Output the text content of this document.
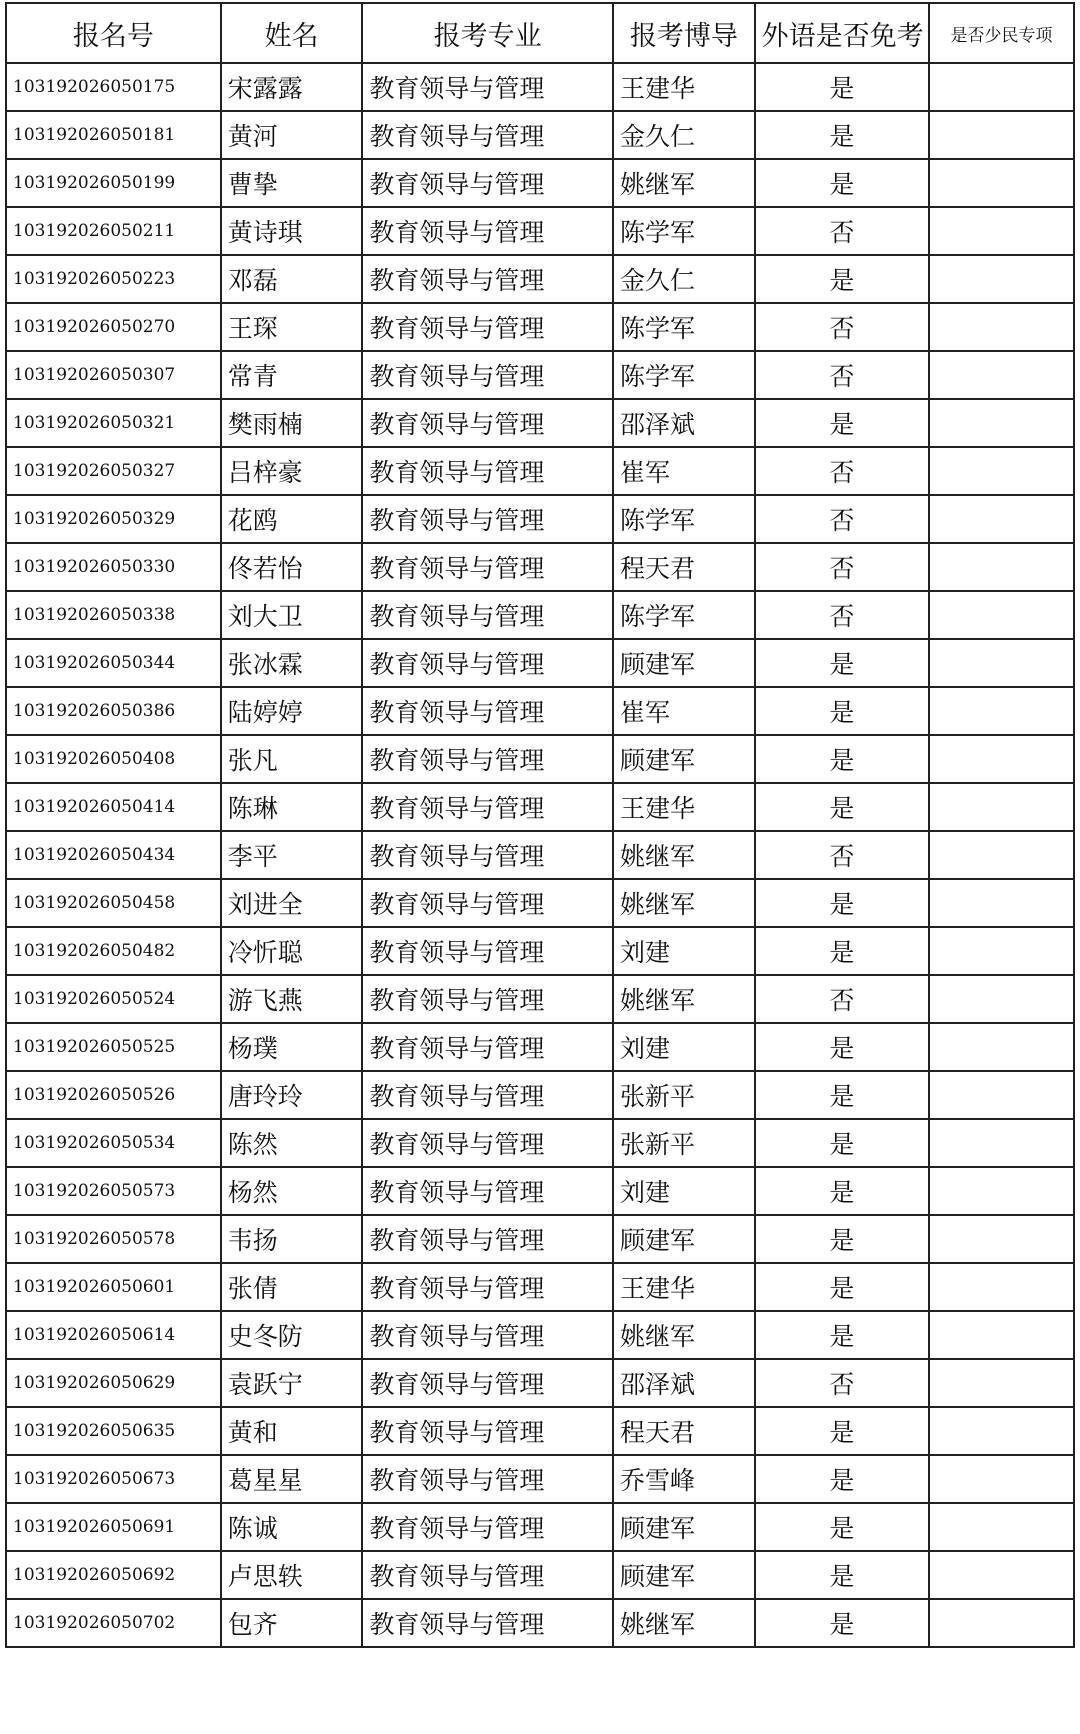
报名号	姓名	报考专业	报考博导	外语是否免考	是否少民专项
103192026050175	宋露露	教育领导与管理	王建华	是	
103192026050181	黄河	教育领导与管理	金久仁	是	
103192026050199	曹挚	教育领导与管理	姚继军	是	
103192026050211	黄诗琪	教育领导与管理	陈学军	否	
103192026050223	邓磊	教育领导与管理	金久仁	是	
103192026050270	王琛	教育领导与管理	陈学军	否	
103192026050307	常青	教育领导与管理	陈学军	否	
103192026050321	樊雨楠	教育领导与管理	邵泽斌	是	
103192026050327	吕梓豪	教育领导与管理	崔军	否	
103192026050329	花鸥	教育领导与管理	陈学军	否	
103192026050330	佟若怡	教育领导与管理	程天君	否	
103192026050338	刘大卫	教育领导与管理	陈学军	否	
103192026050344	张冰霖	教育领导与管理	顾建军	是	
103192026050386	陆婷婷	教育领导与管理	崔军	是	
103192026050408	张凡	教育领导与管理	顾建军	是	
103192026050414	陈琳	教育领导与管理	王建华	是	
103192026050434	李平	教育领导与管理	姚继军	否	
103192026050458	刘进全	教育领导与管理	姚继军	是	
103192026050482	冷忻聪	教育领导与管理	刘建	是	
103192026050524	游飞燕	教育领导与管理	姚继军	否	
103192026050525	杨璞	教育领导与管理	刘建	是	
103192026050526	唐玲玲	教育领导与管理	张新平	是	
103192026050534	陈然	教育领导与管理	张新平	是	
103192026050573	杨然	教育领导与管理	刘建	是	
103192026050578	韦扬	教育领导与管理	顾建军	是	
103192026050601	张倩	教育领导与管理	王建华	是	
103192026050614	史冬防	教育领导与管理	姚继军	是	
103192026050629	袁跃宁	教育领导与管理	邵泽斌	否	
103192026050635	黄和	教育领导与管理	程天君	是	
103192026050673	葛星星	教育领导与管理	乔雪峰	是	
103192026050691	陈诚	教育领导与管理	顾建军	是	
103192026050692	卢思轶	教育领导与管理	顾建军	是	
103192026050702	包齐	教育领导与管理	姚继军	是	
